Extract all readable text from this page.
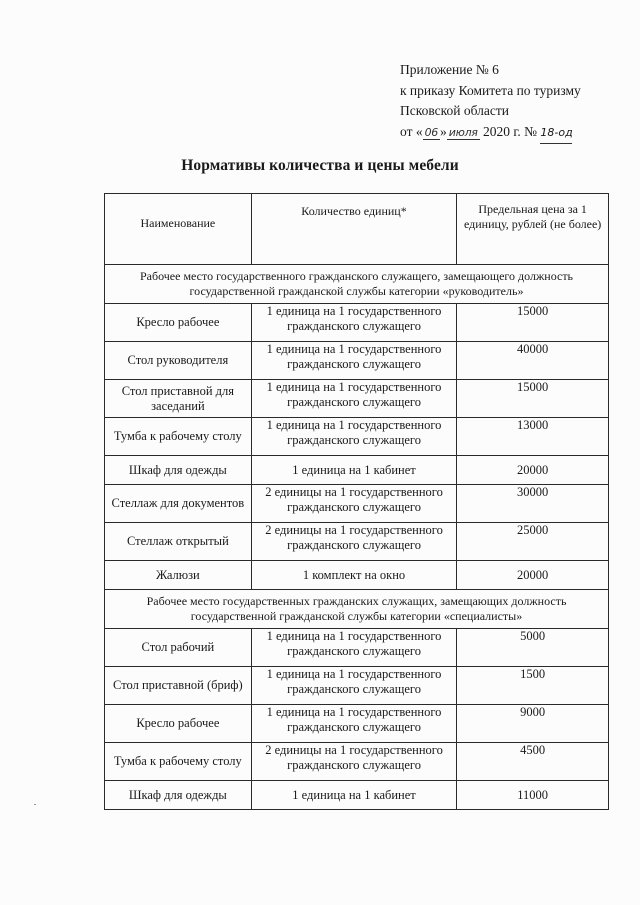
Приложение № 6
к приказу Комитета по туризму
Псковской области
от « 06 » июля 2020 г. № 18-од
Нормативы количества и цены мебели
Наименование	Количество единиц*	Предельная цена за 1 единицу, рублей (не более)
Рабочее место государственного гражданского служащего, замещающего должность государственной гражданской службы категории «руководитель»		
Кресло рабочее	1 единица на 1 государственного гражданского служащего	15000
Стол руководителя	1 единица на 1 государственного гражданского служащего	40000
Стол приставной для заседаний	1 единица на 1 государственного гражданского служащего	15000
Тумба к рабочему столу	1 единица на 1 государственного гражданского служащего	13000
Шкаф для одежды	1 единица на 1 кабинет	20000
Стеллаж для документов	2 единицы на 1 государственного гражданского служащего	30000
Стеллаж открытый	2 единицы на 1 государственного гражданского служащего	25000
Жалюзи	1 комплект на окно	20000
Рабочее место государственных гражданских служащих, замещающих должность государственной гражданской службы категории «специалисты»		
Стол рабочий	1 единица на 1 государственного гражданского служащего	5000
Стол приставной (бриф)	1 единица на 1 государственного гражданского служащего	1500
Кресло рабочее	1 единица на 1 государственного гражданского служащего	9000
Тумба к рабочему столу	2 единицы на 1 государственного гражданского служащего	4500
Шкаф для одежды	1 единица на 1 кабинет	11000
